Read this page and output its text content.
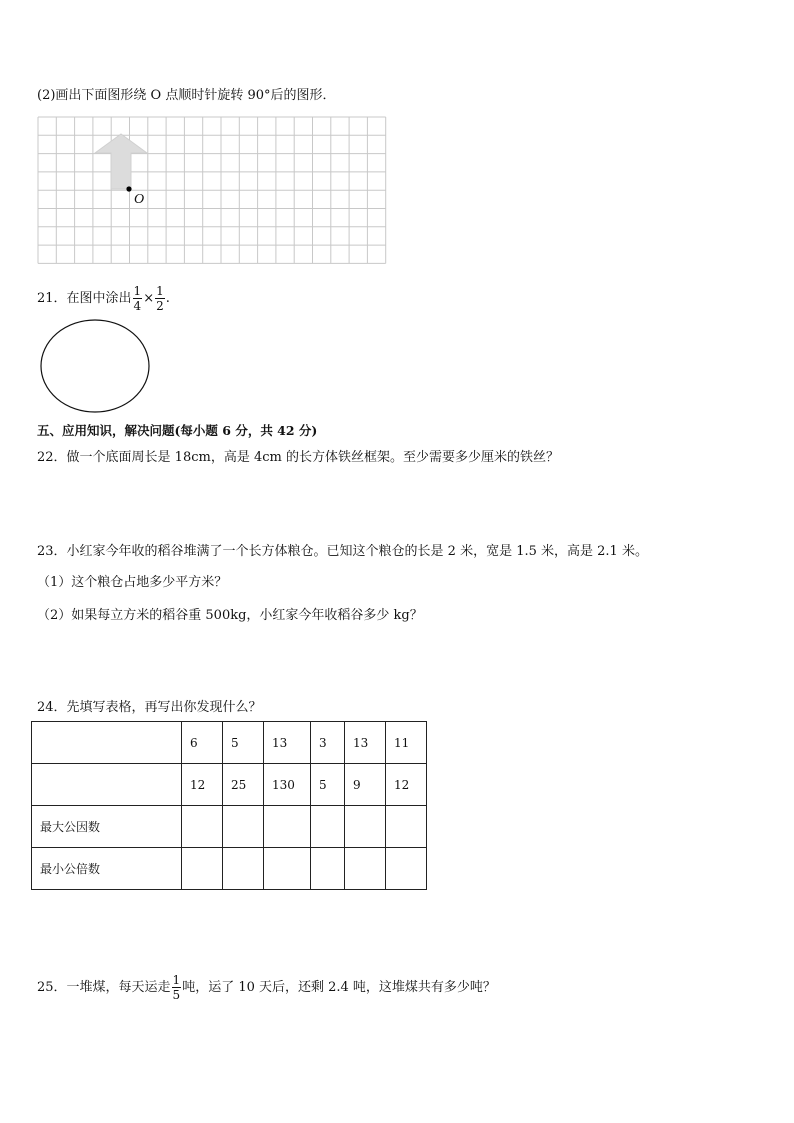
(2)画出下面图形绕 O 点顺时针旋转 90°后的图形．
O
21．在图中涂出 $\frac{1}{4} \times \frac{1}{2}$ .
五、应用知识，解决问题(每小题 6 分，共 42 分)
22．做一个底面周长是 18cm，高是 4cm 的长方体铁丝框架。至少需要多少厘米的铁丝？
23．小红家今年收的稻谷堆满了一个长方体粮仓。已知这个粮仓的长是 2 米，宽是 1.5 米，高是 2.1 米。
（1）这个粮仓占地多少平方米？
（2）如果每立方米的稻谷重 500kg，小红家今年收稻谷多少 kg？
24．先填写表格，再写出你发现什么？
	6	5	13	3	13	11
	12	25	130	5	9	12
最大公因数						
最小公倍数						
25．一堆煤，每天运走 $\frac{1}{5}$ 吨，运了 10 天后，还剩 2.4 吨，这堆煤共有多少吨？
